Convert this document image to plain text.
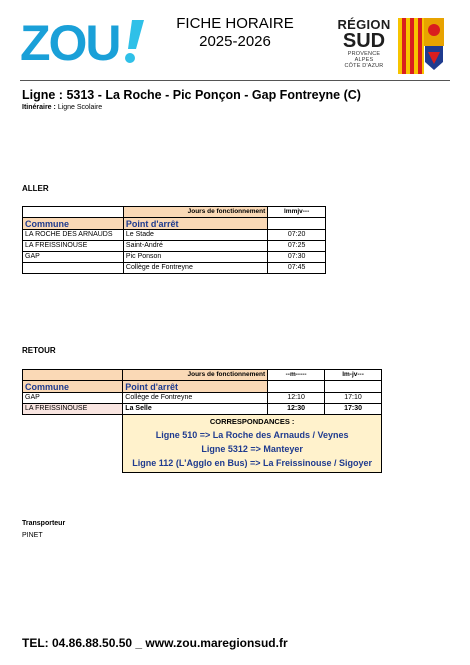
ZOU	FICHE HORAIRE
2025-2026
RÉGION
SUD
PROVENCE
ALPES
CÔTE D'AZUR
Ligne : 5313 - La Roche - Pic Ponçon - Gap Fontreyne (C)
Itinéraire : Ligne Scolaire
ALLER
	Jours de fonctionnement	lmmjv---
Commune	Point d'arrêt	
LA ROCHE DES ARNAUDS	Le Stade	07:20
LA FREISSINOUSE	Saint-André	07:25
GAP	Pic Ponson	07:30
	Collège de Fontreyne	07:45
RETOUR
	Jours de fonctionnement	--m-----	lm-jv---
Commune	Point d'arrêt		
GAP	Collège de Fontreyne	12:10	17:10
LA FREISSINOUSE	La Selle	12:30	17:30

	CORRESPONDANCES :
Ligne 510 => La Roche des Arnauds / Veynes
Ligne 5312 => Manteyer
Ligne 112 (L'Agglo en Bus) => La Freissinouse / Sigoyer		
Transporteur
PINET
TEL: 04.86.88.50.50 _ www.zou.maregionsud.fr
